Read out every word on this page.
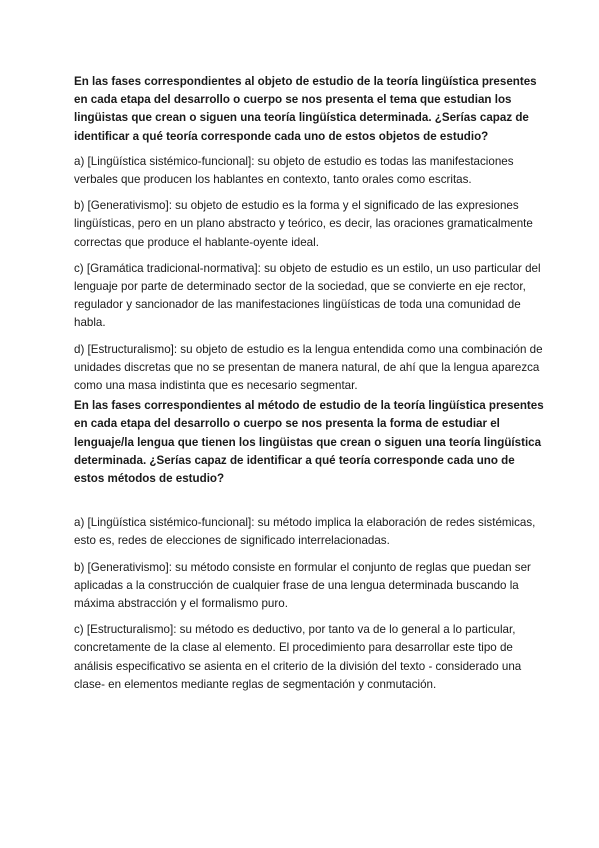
En las fases correspondientes al objeto de estudio de la teoría lingüística presentes en cada etapa del desarrollo o cuerpo se nos presenta el tema que estudian los lingüistas que crean o siguen una teoría lingüística determinada. ¿Serías capaz de identificar a qué teoría corresponde cada uno de estos objetos de estudio?

a) [Lingüística sistémico-funcional]: su objeto de estudio es todas las manifestaciones verbales que producen los hablantes en contexto, tanto orales como escritas.

b) [Generativismo]: su objeto de estudio es la forma y el significado de las expresiones lingüísticas, pero en un plano abstracto y teórico, es decir, las oraciones gramaticalmente correctas que produce el hablante-oyente ideal.

c) [Gramática tradicional-normativa]: su objeto de estudio es un estilo, un uso particular del lenguaje por parte de determinado sector de la sociedad, que se convierte en eje rector, regulador y sancionador de las manifestaciones lingüísticas de toda una comunidad de habla.

d) [Estructuralismo]: su objeto de estudio es la lengua entendida como una combinación de unidades discretas que no se presentan de manera natural, de ahí que la lengua aparezca como una masa indistinta que es necesario segmentar.

En las fases correspondientes al método de estudio de la teoría lingüística presentes en cada etapa del desarrollo o cuerpo se nos presenta la forma de estudiar el lenguaje/la lengua que tienen los lingüistas que crean o siguen una teoría lingüística determinada. ¿Serías capaz de identificar a qué teoría corresponde cada uno de estos métodos de estudio?

a) [Lingüística sistémico-funcional]: su método implica la elaboración de redes sistémicas, esto es, redes de elecciones de significado interrelacionadas.

b) [Generativismo]: su método consiste en formular el conjunto de reglas que puedan ser aplicadas a la construcción de cualquier frase de una lengua determinada buscando la máxima abstracción y el formalismo puro.

c) [Estructuralismo]: su método es deductivo, por tanto va de lo general a lo particular, concretamente de la clase al elemento. El procedimiento para desarrollar este tipo de análisis especificativo se asienta en el criterio de la división del texto - considerado una clase- en elementos mediante reglas de segmentación y conmutación.
